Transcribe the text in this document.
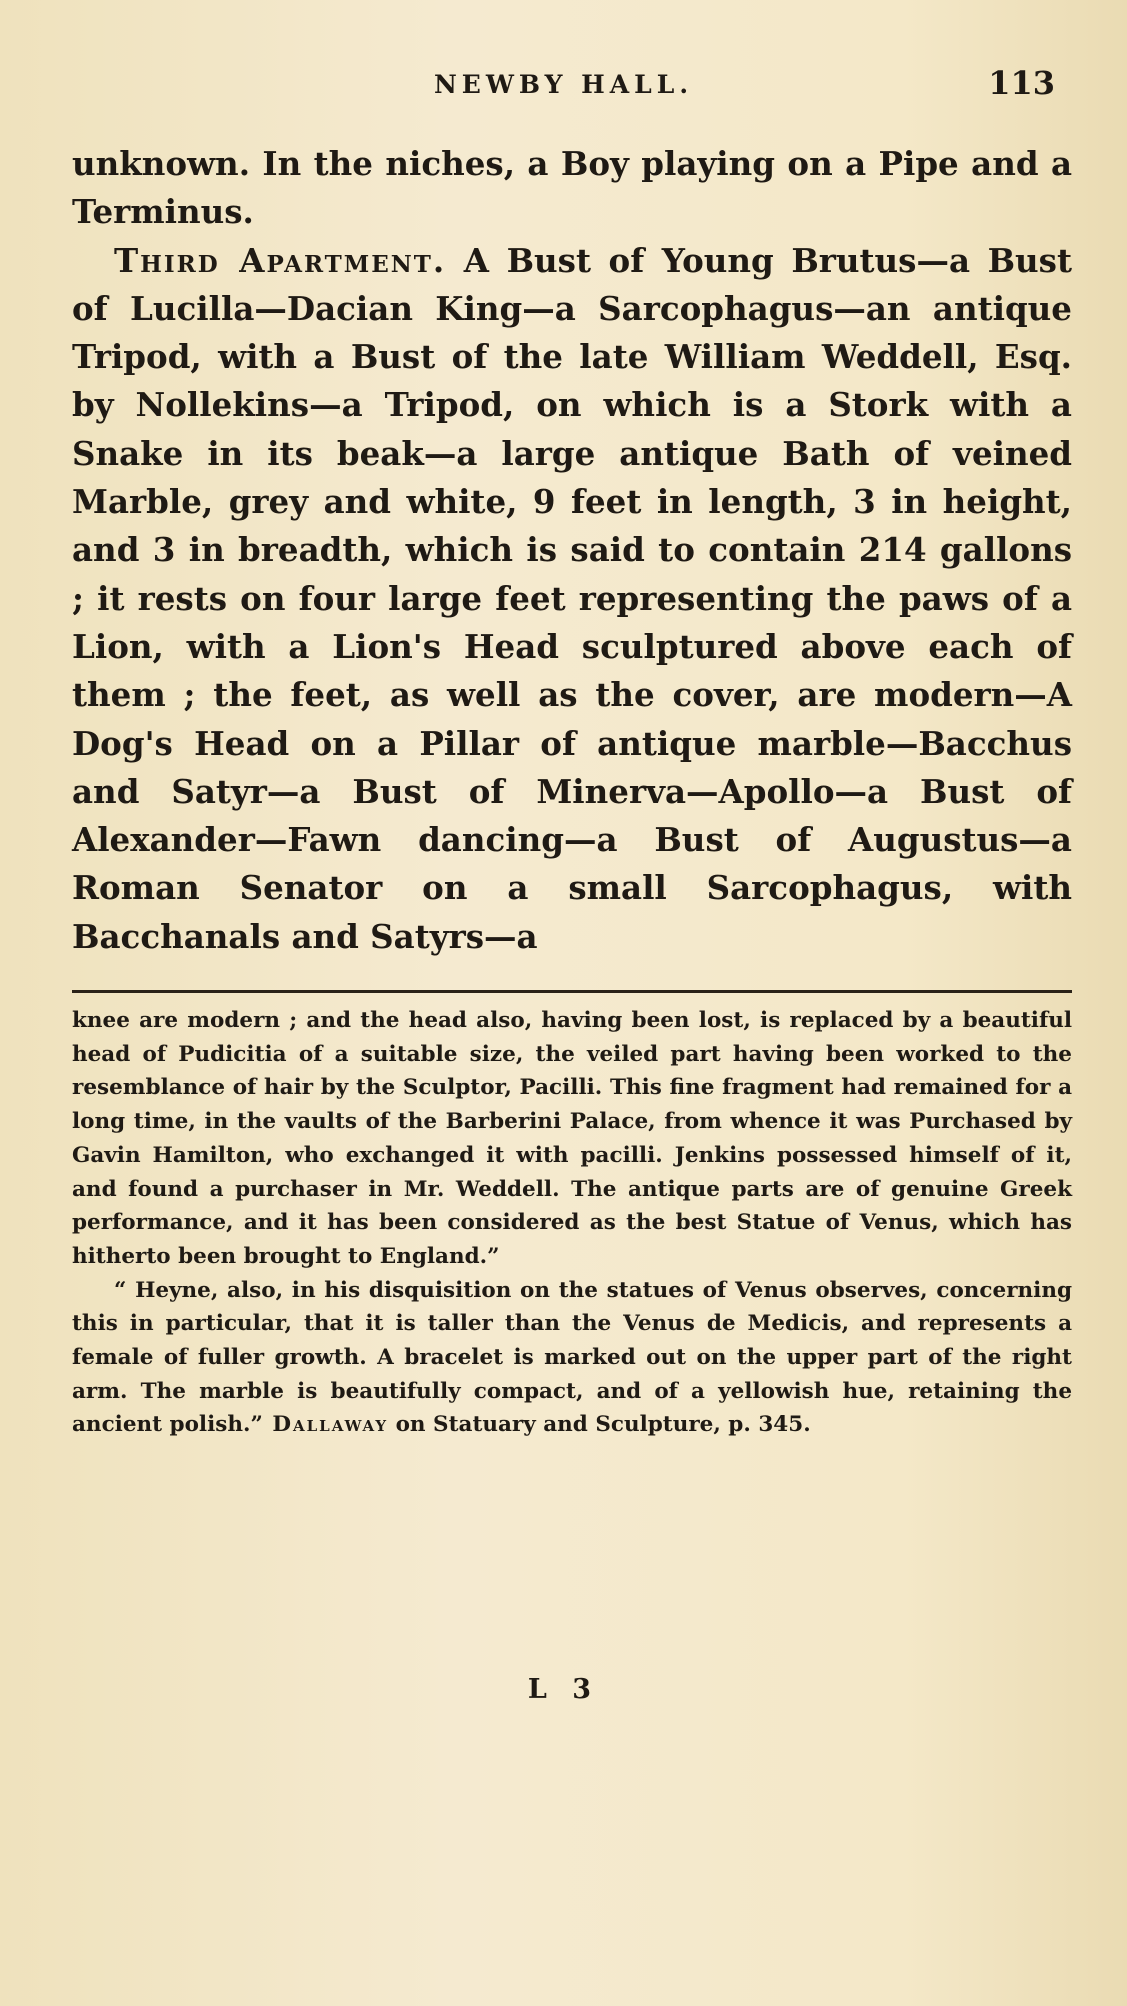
NEWBY HALL.	113

unknown. In the niches, a Boy playing on a Pipe and a Terminus.

Third Apartment. A Bust of Young Brutus—a Bust of Lucilla—Dacian King—a Sarcophagus—an antique Tripod, with a Bust of the late William Weddell, Esq. by Nollekins—a Tripod, on which is a Stork with a Snake in its beak—a large antique Bath of veined Marble, grey and white, 9 feet in length, 3 in height, and 3 in breadth, which is said to contain 214 gallons ; it rests on four large feet representing the paws of a Lion, with a Lion's Head sculptured above each of them ; the feet, as well as the cover, are modern—A Dog's Head on a Pillar of antique marble—Bacchus and Satyr—a Bust of Minerva—Apollo—a Bust of Alexander—Fawn dancing—a Bust of Augustus—a Roman Senator on a small Sarcophagus, with Bacchanals and Satyrs—a

knee are modern ; and the head also, having been lost, is replaced by a beautiful head of Pudicitia of a suitable size, the veiled part having been worked to the resemblance of hair by the Sculptor, Pacilli. This fine fragment had remained for a long time, in the vaults of the Barberini Palace, from whence it was Purchased by Gavin Hamilton, who exchanged it with pacilli. Jenkins possessed himself of it, and found a purchaser in Mr. Weddell. The antique parts are of genuine Greek performance, and it has been considered as the best Statue of Venus, which has hitherto been brought to England.”

“ Heyne, also, in his disquisition on the statues of Venus observes, concerning this in particular, that it is taller than the Venus de Medicis, and represents a female of fuller growth. A bracelet is marked out on the upper part of the right arm. The marble is beautifully compact, and of a yellowish hue, retaining the ancient polish.” Dallaway on Statuary and Sculpture, p. 345.

L 3
